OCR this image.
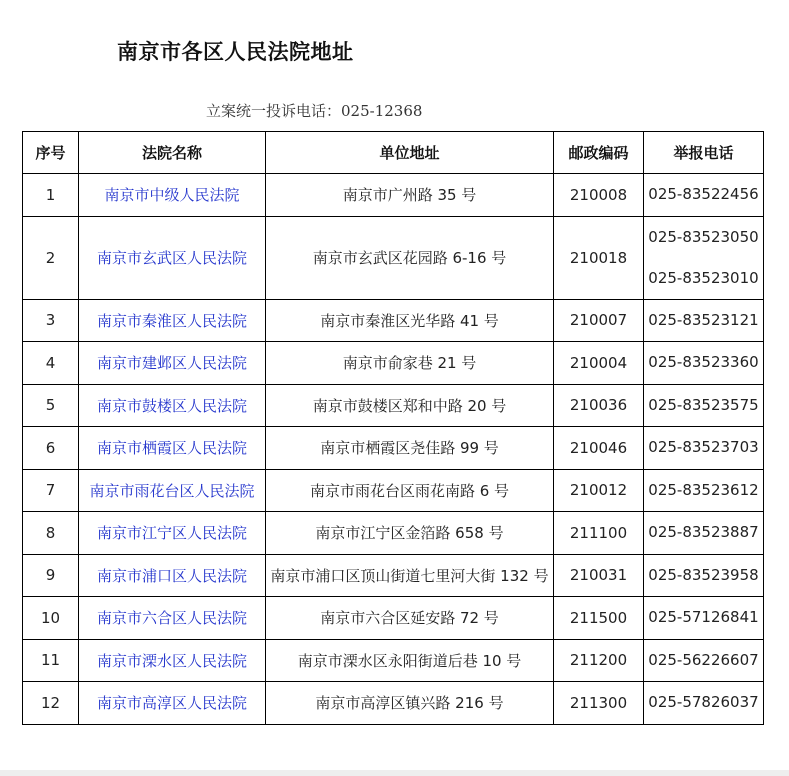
南京市各区人民法院地址
立案统一投诉电话：025-12368
序号	法院名称	单位地址	邮政编码	举报电话
1	南京市中级人民法院	南京市广州路 35 号	210008	025-83522456

2	南京市玄武区人民法院	南京市玄武区花园路 6-16 号	210018	025-83523050
025-83523010

3	南京市秦淮区人民法院	南京市秦淮区光华路 41 号	210007	025-83523121

4	南京市建邺区人民法院	南京市俞家巷 21 号	210004	025-83523360

5	南京市鼓楼区人民法院	南京市鼓楼区郑和中路 20 号	210036	025-83523575

6	南京市栖霞区人民法院	南京市栖霞区尧佳路 99 号	210046	025-83523703

7	南京市雨花台区人民法院	南京市雨花台区雨花南路 6 号	210012	025-83523612

8	南京市江宁区人民法院	南京市江宁区金箔路 658 号	211100	025-83523887

9	南京市浦口区人民法院	南京市浦口区顶山街道七里河大街 132 号	210031	025-83523958

10	南京市六合区人民法院	南京市六合区延安路 72 号	211500	025-57126841

11	南京市溧水区人民法院	南京市溧水区永阳街道后巷 10 号	211200	025-56226607

12	南京市高淳区人民法院	南京市高淳区镇兴路 216 号	211300	025-57826037
